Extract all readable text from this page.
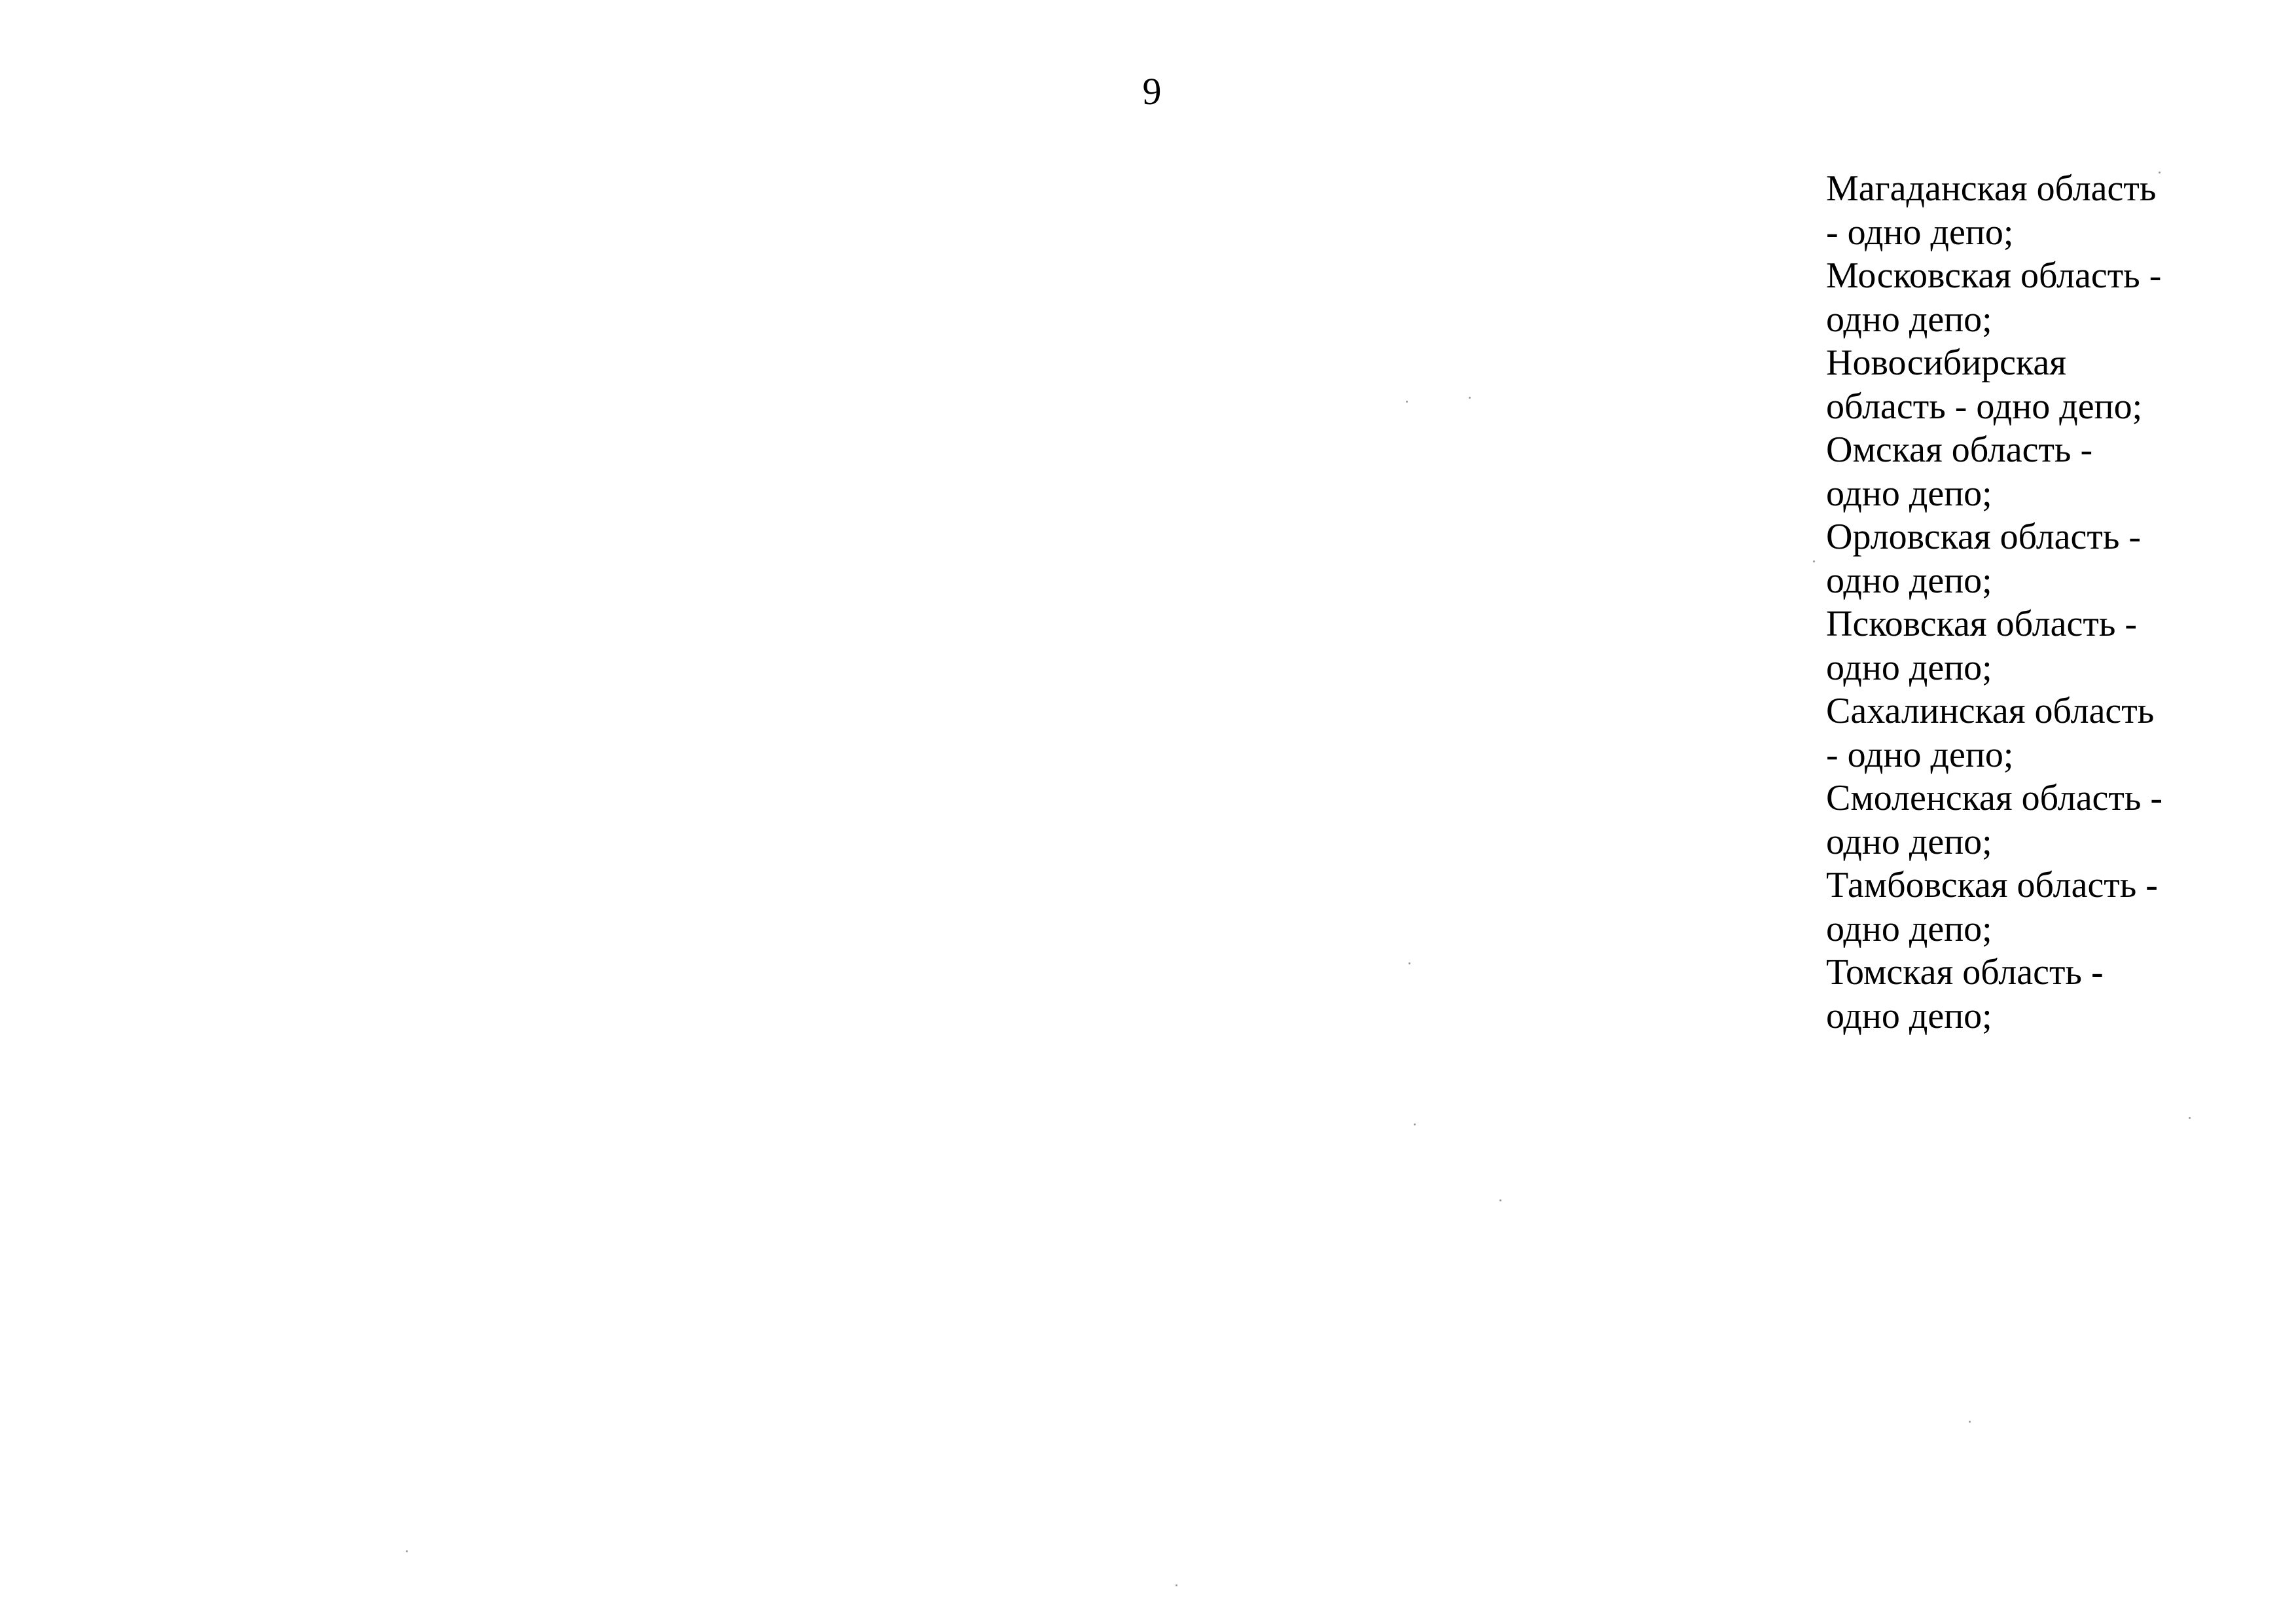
9
Магаданская область - одно депо;
Московская область - одно депо;
Новосибирская область - одно депо;
Омская область - одно депо;
Орловская область - одно депо;
Псковская область - одно депо;
Сахалинская область - одно депо;
Смоленская область - одно депо;
Тамбовская область - одно депо;
Томская область - одно депо;
